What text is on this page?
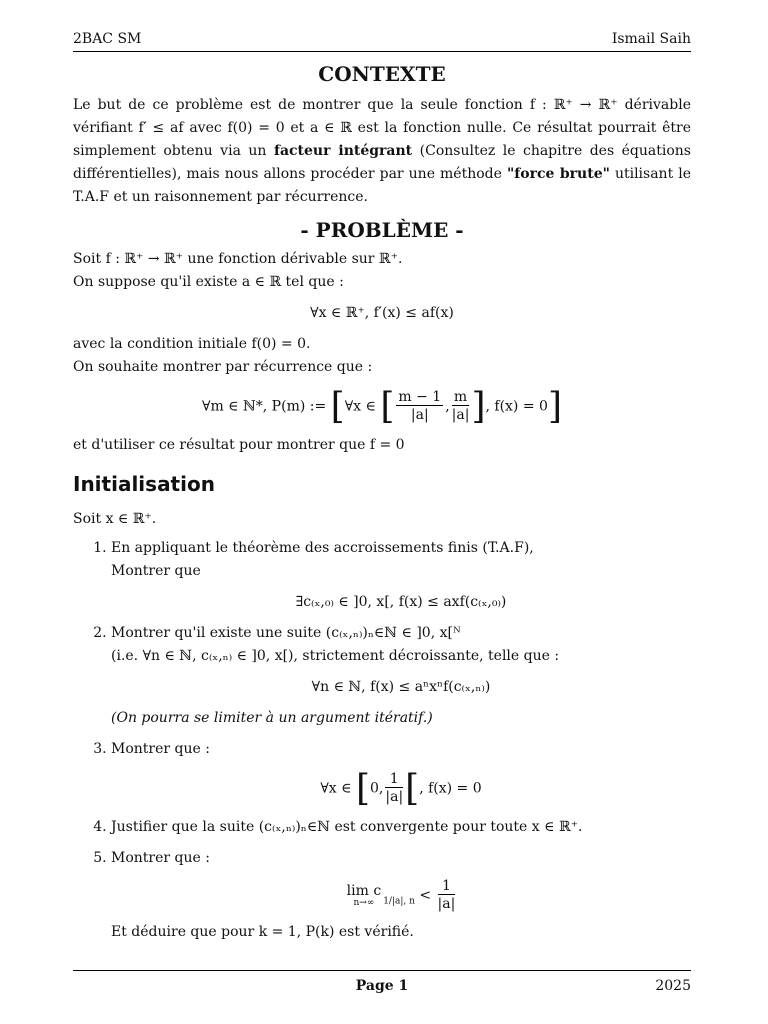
2BAC SM	Ismail Saih
CONTEXTE

Le but de ce problème est de montrer que la seule fonction f : ℝ⁺ → ℝ⁺ dérivable vérifiant f′ ≤ af avec f(0) = 0 et a ∈ ℝ est la fonction nulle. Ce résultat pourrait être simplement obtenu via un facteur intégrant (Consultez le chapitre des équations différentielles), mais nous allons procéder par une méthode "force brute" utilisant le T.A.F et un raisonnement par récurrence.

- PROBLÈME -

Soit f : ℝ⁺ → ℝ⁺ une fonction dérivable sur ℝ⁺.

On suppose qu'il existe a ∈ ℝ tel que :

∀x ∈ ℝ⁺, f′(x) ≤ af(x)

avec la condition initiale f(0) = 0.

On souhaite montrer par récurrence que :

∀m ∈ ℕ*, P(m) := [∀x ∈ [ $\frac{m - 1}{|a|}$ , $\frac{m}{|a|}$ ], f(x) = 0]

et d'utiliser ce résultat pour montrer que f = 0

Initialisation

Soit x ∈ ℝ⁺.

1. En appliquant le théorème des accroissements finis (T.A.F),
Montrer que
∃c₍ₓ,₀₎ ∈ ]0, x[, f(x) ≤ axf(c₍ₓ,₀₎)
2. Montrer qu'il existe une suite (c₍ₓ,ₙ₎)ₙ∈ℕ ∈ ]0, x[ᴺ
(i.e. ∀n ∈ ℕ, c₍ₓ,ₙ₎ ∈ ]0, x[), strictement décroissante, telle que :
∀n ∈ ℕ, f(x) ≤ aⁿxⁿf(c₍ₓ,ₙ₎)
(On pourra se limiter à un argument itératif.)
3. Montrer que :
∀x ∈ [0, $\frac{1}{|a|}$ [, f(x) = 0
4. Justifier que la suite (c₍ₓ,ₙ₎)ₙ∈ℕ est convergente pour toute x ∈ ℝ⁺.
5. Montrer que :
lim c
n→∞ $_{1/|a|, n} < \frac{1}{|a|}$
Et déduire que pour k = 1, P(k) est vérifié.
Page 1	2025
